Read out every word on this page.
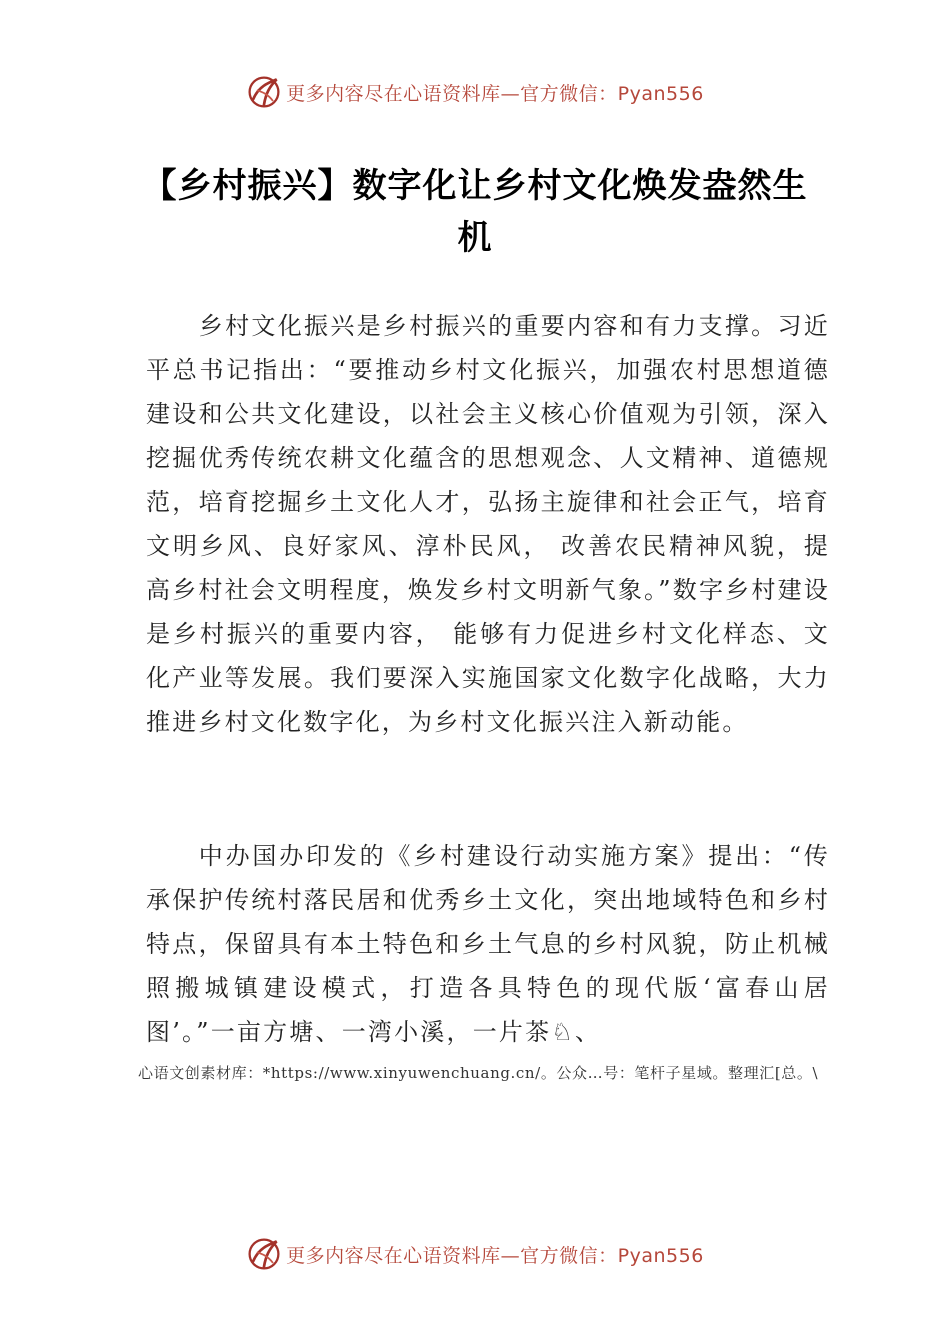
更多内容尽在心语资料库—官方微信：Pyan556
【乡村振兴】数字化让乡村文化焕发盎然生机

乡村文化振兴是乡村振兴的重要内容和有力支撑。习近平总书记指出：“要推动乡村文化振兴，加强农村思想道德建设和公共文化建设，以社会主义核心价值观为引领，深入挖掘优秀传统农耕文化蕴含的思想观念、人文精神、道德规范，培育挖掘乡土文化人才，弘扬主旋律和社会正气，培育文明乡风、良好家风、淳朴民风， 改善农民精神风貌，提高乡村社会文明程度，焕发乡村文明新气象。”数字乡村建设是乡村振兴的重要内容， 能够有力促进乡村文化样态、文化产业等发展。我们要深入实施国家文化数字化战略，大力推进乡村文化数字化，为乡村文化振兴注入新动能。

中办国办印发的《乡村建设行动实施方案》提出：“传承保护传统村落民居和优秀乡土文化，突出地域特色和乡村特点，保留具有本土特色和乡土气息的乡村风貌，防止机械照搬城镇建设模式，打造各具特色的现代版‘富春山居图’。”一亩方塘、一湾小溪，一片茶♘、

心语文创素材库：*https://www.xinyuwenchuang.cn/。公众…号：笔杆子星域。整理汇[总。\

更多内容尽在心语资料库—官方微信：Pyan556
